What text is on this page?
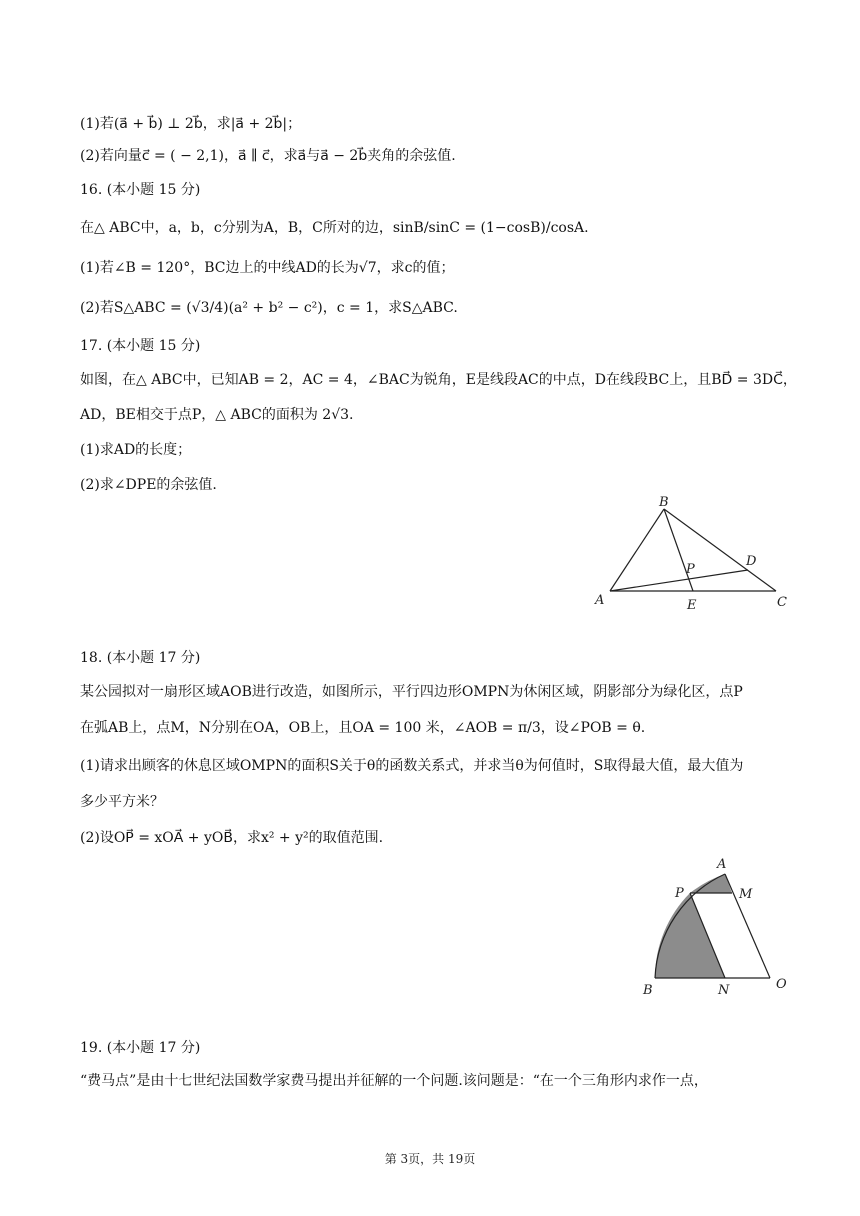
(1)若(a⃗ + b⃗) ⊥ 2b⃗，求|a⃗ + 2b⃗|；
(2)若向量c⃗ = ( − 2,1)，a⃗ ∥ c⃗，求a⃗与a⃗ − 2b⃗夹角的余弦值.
16. (本小题 15 分)
在△ ABC中，a，b，c分别为A，B，C所对的边，sinB/sinC = (1−cosB)/cosA.
(1)若∠B = 120°，BC边上的中线AD的长为√7，求c的值；
(2)若S△ABC = (√3/4)(a² + b² − c²)，c = 1，求S△ABC.
17. (本小题 15 分)
如图，在△ ABC中，已知AB = 2，AC = 4，∠BAC为锐角，E是线段AC的中点，D在线段BC上，且BD⃗ = 3DC⃗，
AD，BE相交于点P，△ ABC的面积为 2√3.
(1)求AD的长度；
(2)求∠DPE的余弦值.
B
D
P
A	E	C
18. (本小题 17 分)
某公园拟对一扇形区域AOB进行改造，如图所示，平行四边形OMPN为休闲区域，阴影部分为绿化区，点P
在弧AB上，点M，N分别在OA，OB上，且OA = 100 米，∠AOB = π/3，设∠POB = θ.
(1)请求出顾客的休息区域OMPN的面积S关于θ的函数关系式，并求当θ为何值时，S取得最大值，最大值为
多少平方米？
(2)设OP⃗ = xOA⃗ + yOB⃗，求x² + y²的取值范围.
A
P	M
B	N	O
19. (本小题 17 分)
“费马点”是由十七世纪法国数学家费马提出并征解的一个问题.该问题是：“在一个三角形内求作一点，
第 3页，共 19页
